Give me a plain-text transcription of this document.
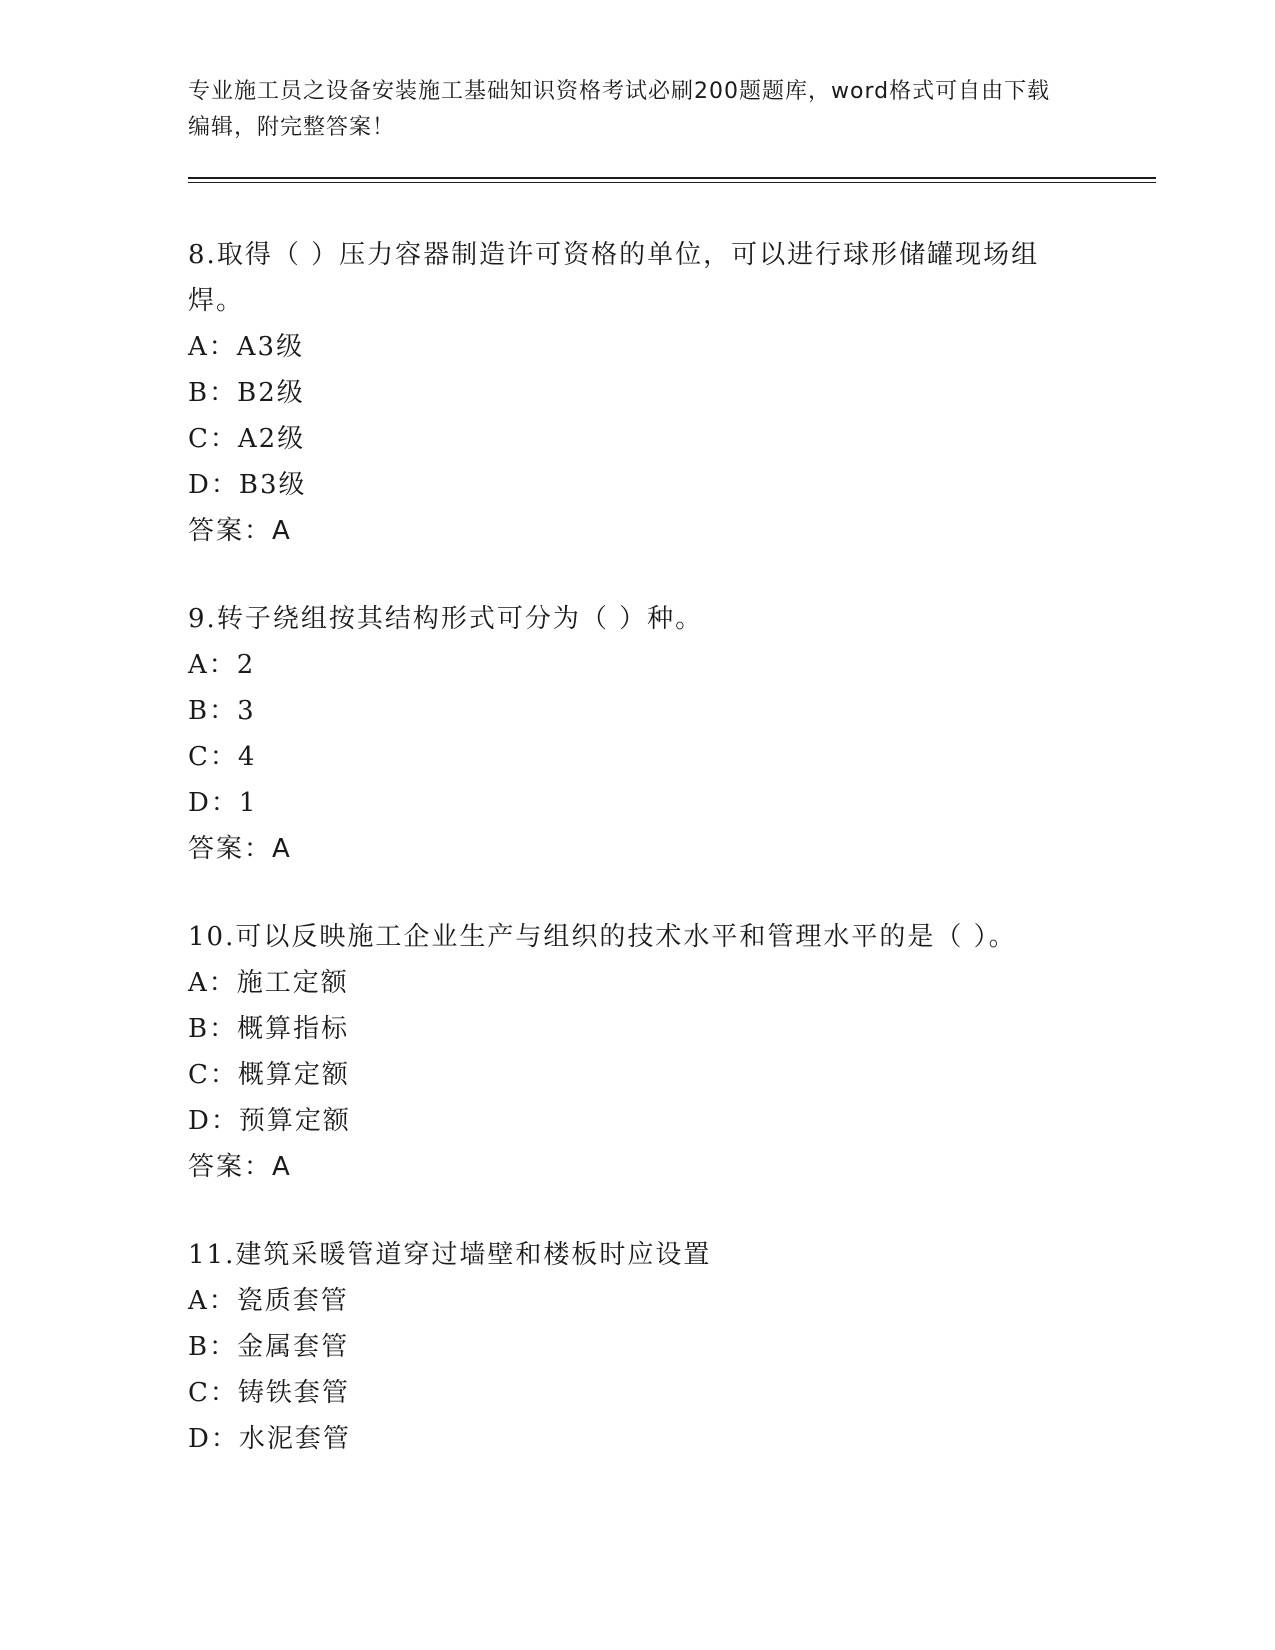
专业施工员之设备安装施工基础知识资格考试必刷200题题库，word格式可自由下载编辑，附完整答案！

8.取得（ ）压力容器制造许可资格的单位，可以进行球形储罐现场组焊。

A：A3级

B：B2级

C：A2级

D：B3级

答案：A

9.转子绕组按其结构形式可分为（ ）种。

A：2

B：3

C：4

D：1

答案：A

10.可以反映施工企业生产与组织的技术水平和管理水平的是（ ）。

A：施工定额

B：概算指标

C：概算定额

D：预算定额

答案：A

11.建筑采暖管道穿过墙壁和楼板时应设置

A：瓷质套管

B：金属套管

C：铸铁套管

D：水泥套管
